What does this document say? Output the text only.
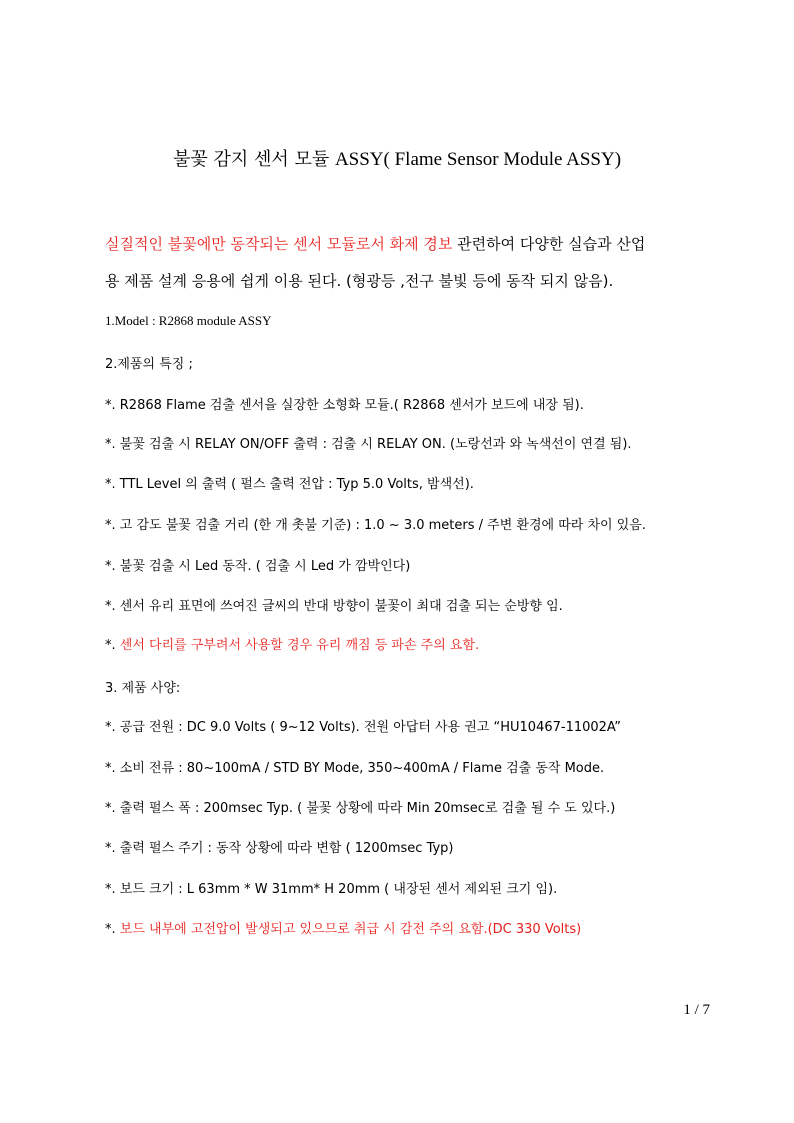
불꽃 감지 센서 모듈 ASSY( Flame Sensor Module ASSY)

실질적인 불꽃에만 동작되는 센서 모듈로서 화제 경보 관련하여 다양한 실습과 산업

용 제품 설계 응용에 쉽게 이용 된다. (형광등 ,전구 불빛 등에 동작 되지 않음).

1.Model : R2868 module ASSY

2.제품의 특징 ;

*. R2868 Flame 검출 센서을 실장한 소형화 모듈.( R2868 센서가 보드에 내장 됨).

*. 불꽃 검출 시 RELAY ON/OFF 출력 : 검출 시 RELAY ON. (노랑선과 와 녹색선이 연결 됨).

*. TTL Level 의 출력 ( 펄스 출력 전압 : Typ 5.0 Volts, 밤색선).

*. 고 감도 불꽃 검출 거리 (한 개 촛불 기준) : 1.0 ~ 3.0 meters / 주변 환경에 따라 차이 있음.

*. 불꽃 검출 시 Led 동작. ( 검출 시 Led 가 깜박인다)

*. 센서 유리 표면에 쓰여진 글씨의 반대 방향이 불꽃이 최대 검출 되는 순방향 임.

*. 센서 다리를 구부려서 사용할 경우 유리 깨짐 등 파손 주의 요함.

3. 제품 사양:

*. 공급 전원 : DC 9.0 Volts ( 9~12 Volts). 전원 아답터 사용 권고 “HU10467-11002A”

*. 소비 전류 : 80~100mA / STD BY Mode, 350~400mA / Flame 검출 동작 Mode.

*. 출력 펄스 폭 : 200msec Typ. ( 불꽃 상황에 따라 Min 20msec로 검출 될 수 도 있다.)

*. 출력 펄스 주기 : 동작 상황에 따라 변함 ( 1200msec Typ)

*. 보드 크기 : L 63mm * W 31mm* H 20mm ( 내장된 센서 제외된 크기 임).

*. 보드 내부에 고전압이 발생되고 있으므로 취급 시 감전 주의 요함.(DC 330 Volts)

1 / 7
